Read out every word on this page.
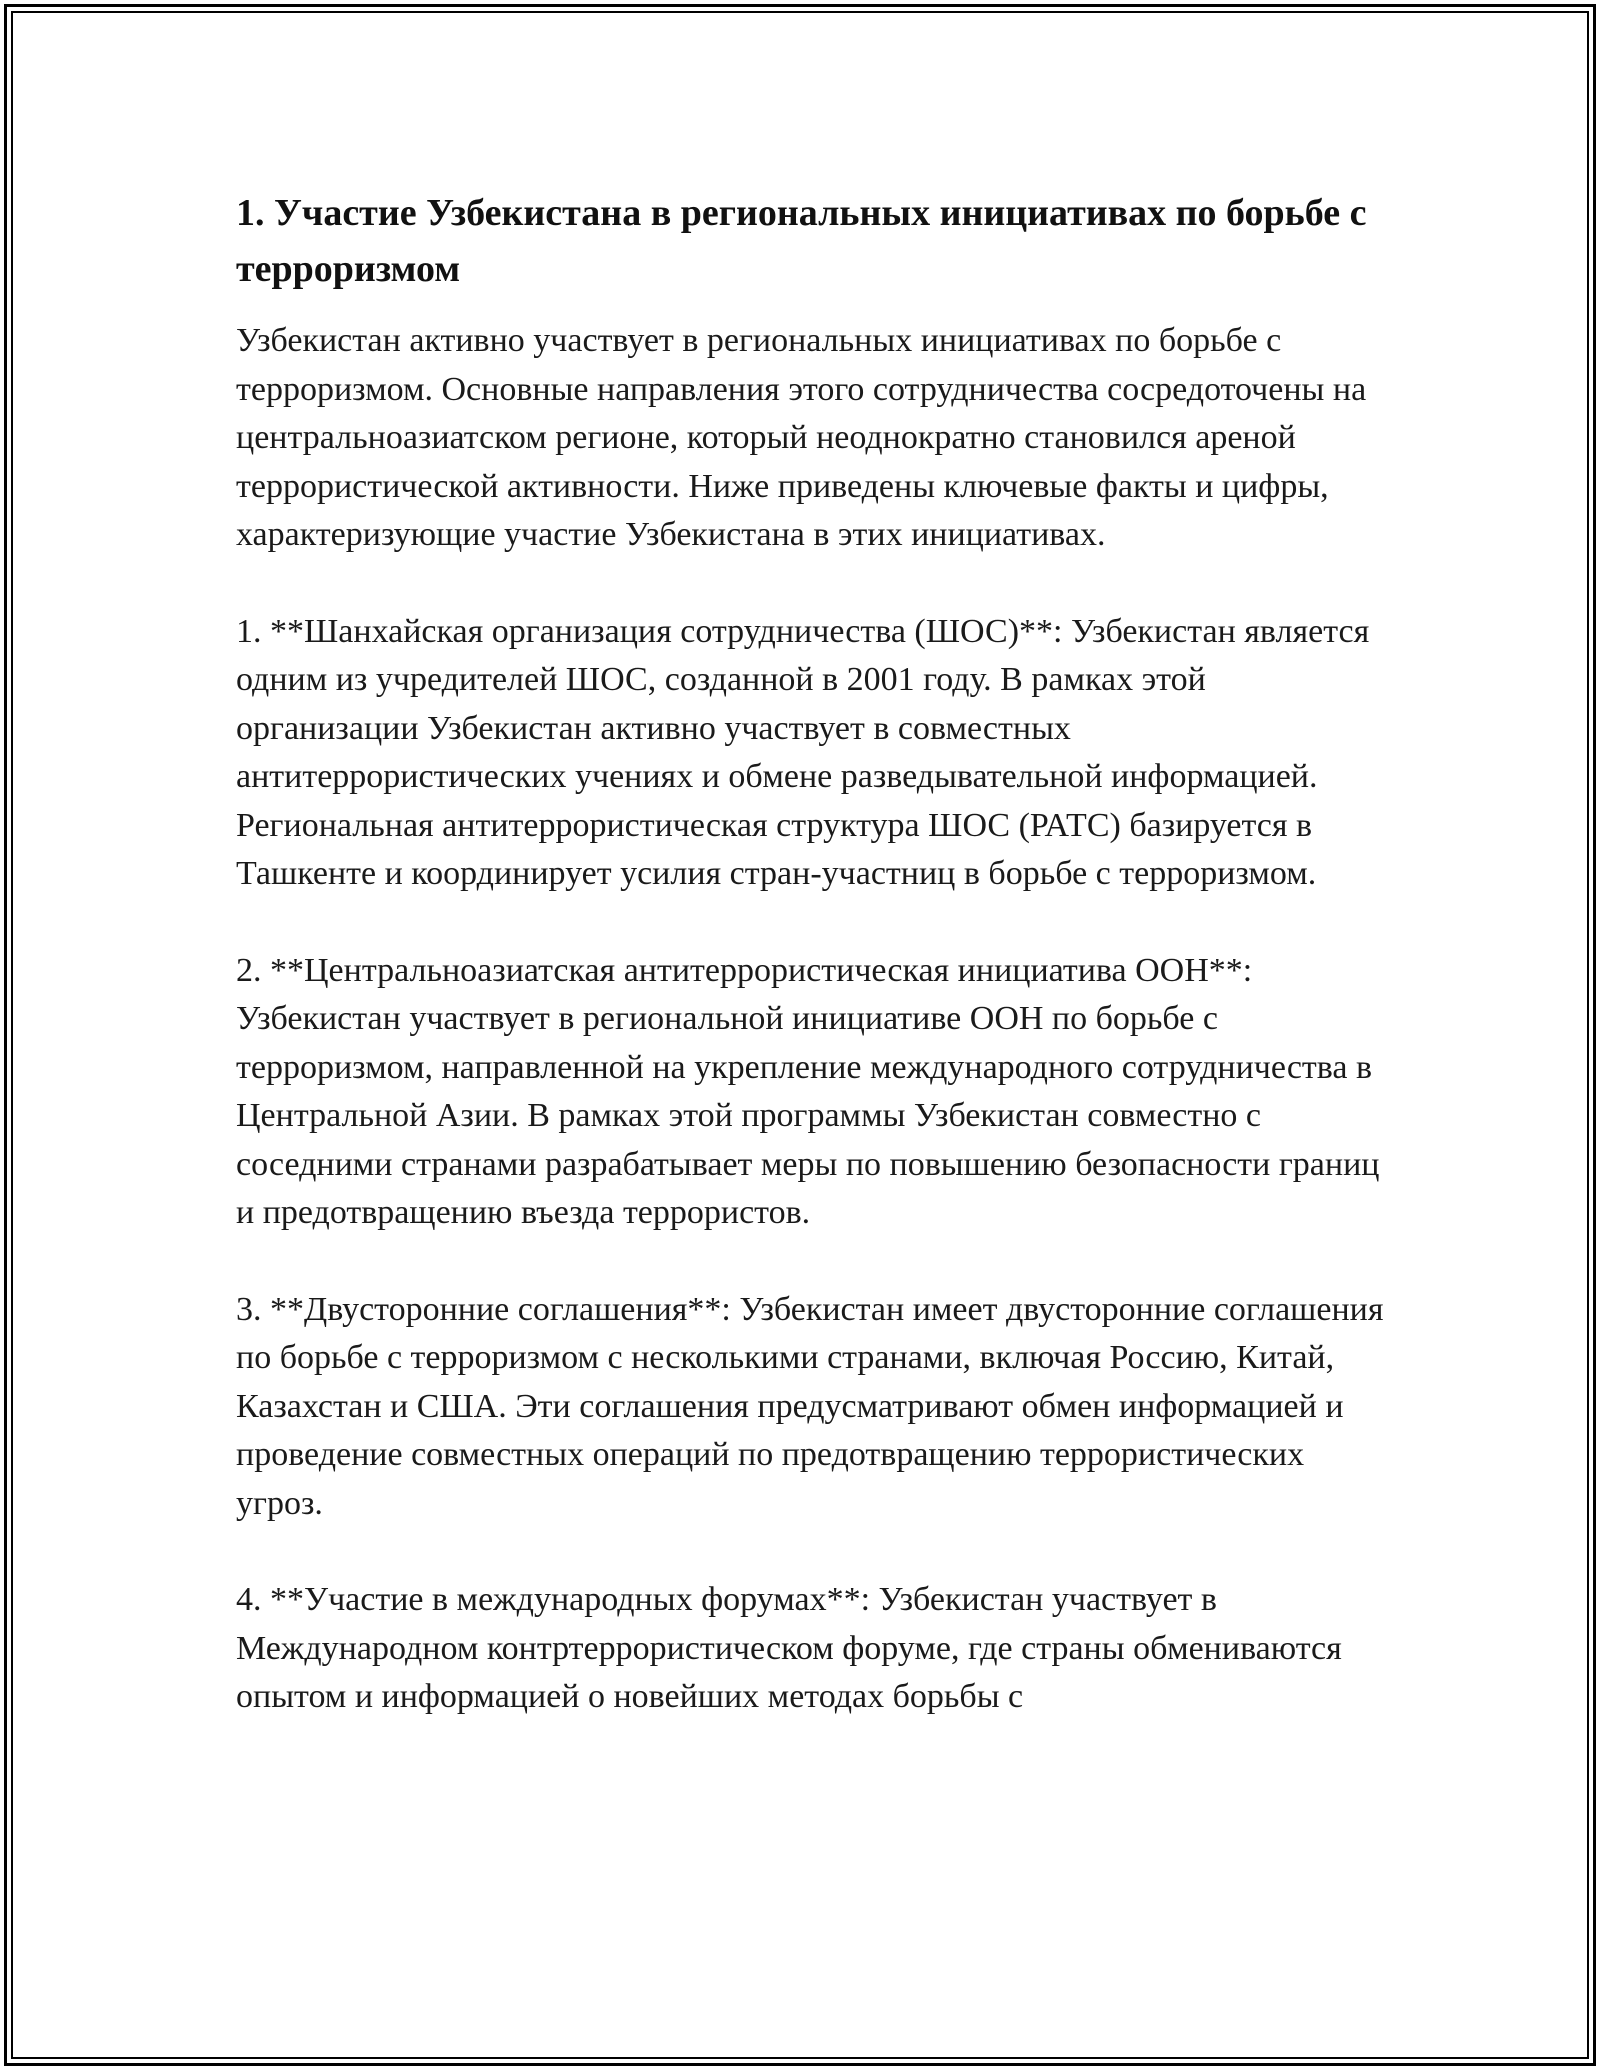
1. Участие Узбекистана в региональных инициативах по борьбе с терроризмом

Узбекистан активно участвует в региональных инициативах по борьбе с терроризмом. Основные направления этого сотрудничества сосредоточены на центральноазиатском регионе, который неоднократно становился ареной террористической активности. Ниже приведены ключевые факты и цифры, характеризующие участие Узбекистана в этих инициативах.

1. **Шанхайская организация сотрудничества (ШОС)**: Узбекистан является одним из учредителей ШОС, созданной в 2001 году. В рамках этой организации Узбекистан активно участвует в совместных антитеррористических учениях и обмене разведывательной информацией. Региональная антитеррористическая структура ШОС (РАТС) базируется в Ташкенте и координирует усилия стран-участниц в борьбе с терроризмом.

2. **Центральноазиатская антитеррористическая инициатива ООН**: Узбекистан участвует в региональной инициативе ООН по борьбе с терроризмом, направленной на укрепление международного сотрудничества в Центральной Азии. В рамках этой программы Узбекистан совместно с соседними странами разрабатывает меры по повышению безопасности границ и предотвращению въезда террористов.

3. **Двусторонние соглашения**: Узбекистан имеет двусторонние соглашения по борьбе с терроризмом с несколькими странами, включая Россию, Китай, Казахстан и США. Эти соглашения предусматривают обмен информацией и проведение совместных операций по предотвращению террористических угроз.

4. **Участие в международных форумах**: Узбекистан участвует в Международном контртеррористическом форуме, где страны обмениваются опытом и информацией о новейших методах борьбы с
